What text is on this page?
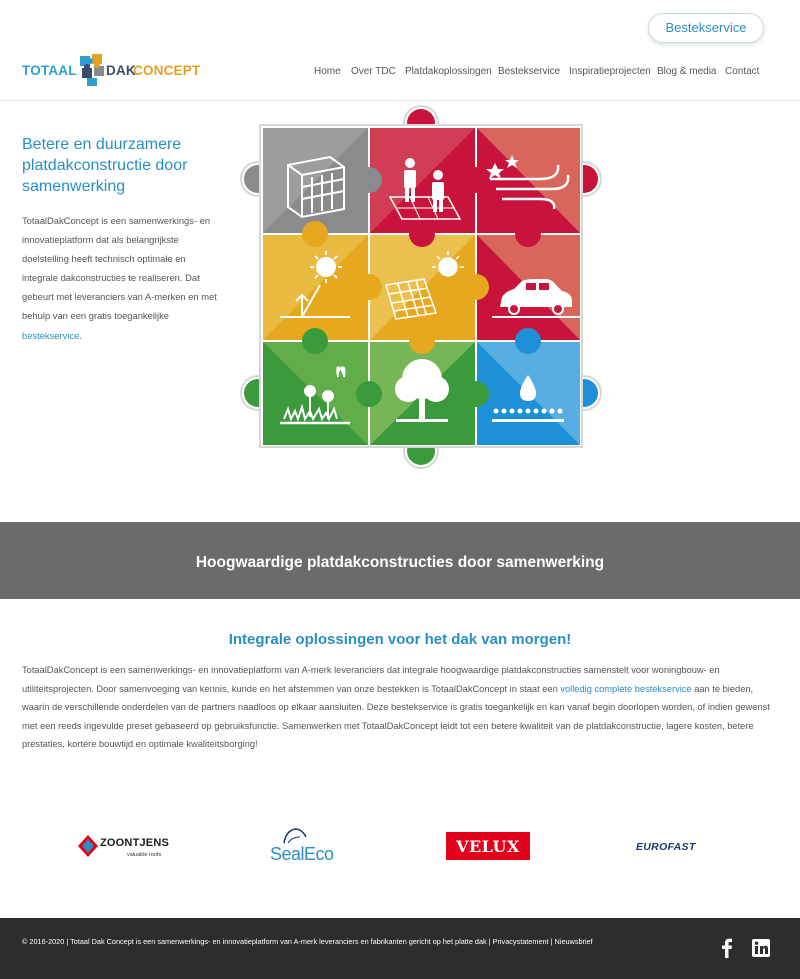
Bestekservice
TOTAAL DAK
CONCEPT	Home Over TDC Platdakoplossingen Bestekservice Inspiratieprojecten Blog & media Contact
Betere en duurzamere platdakconstructie door samenwerking

TotaalDakConcept is een samenwerkings- en innovatieplatform dat als belangrijkste doelstelling heeft technisch optimale en integrale dakconstructies te realiseren. Dat gebeurt met leveranciers van A-merken en met behulp van een gratis toegankelijke bestekservice.

Hoogwaardige platdakconstructies door samenwerking
Integrale oplossingen voor het dak van morgen!

TotaalDakConcept is een samenwerkings- en innovatieplatform van A-merk leveranciers dat integrale hoogwaardige platdakconstructies samenstelt voor woningbouw- en utiliteitsprojecten. Door samenvoeging van kennis, kunde en het afstemmen van onze bestekken is TotaalDakConcept in staat een volledig complete bestekservice aan te bieden, waarin de verschillende onderdelen van de partners naadloos op elkaar aansluiten. Deze bestekservice is gratis toegankelijk en kan vanaf begin doorlopen worden, of indien gewenst met een reeds ingevulde preset gebaseerd op gebruiksfunctie. Samenwerken met TotaalDakConcept leidt tot een betere kwaliteit van de platdakconstructie, lagere kosten, betere prestaties, kortere bouwtijd en optimale kwaliteitsborging!

ZOONTJENS
valuable roofs	SealEco	VELUX	EUROFAST

© 2016-2020 | Totaal Dak Concept is een samenwerkings- en innovatieplatform van A-merk leveranciers en fabrikanten gericht op het platte dak | Privacystatement | Nieuwsbrief
